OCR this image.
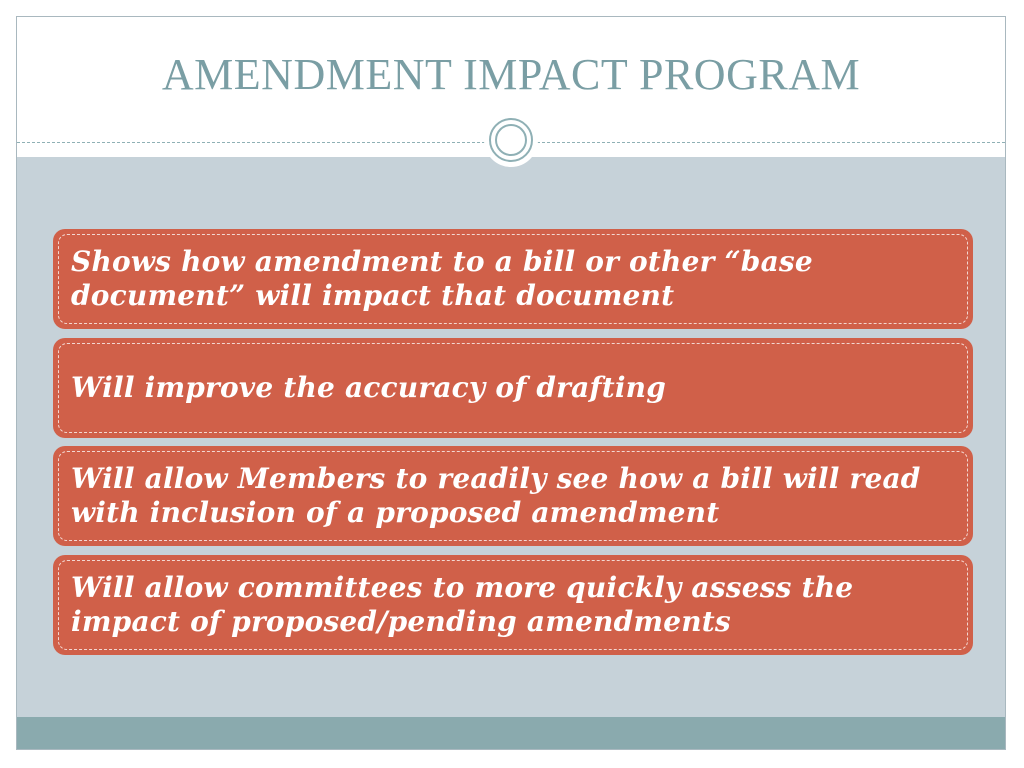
AMENDMENT IMPACT PROGRAM
Shows how amendment to a bill or other “base document” will impact that document
Will improve the accuracy of drafting
Will allow Members to readily see how a bill will read with inclusion of a proposed amendment
Will allow committees to more quickly assess the impact of proposed/pending amendments
